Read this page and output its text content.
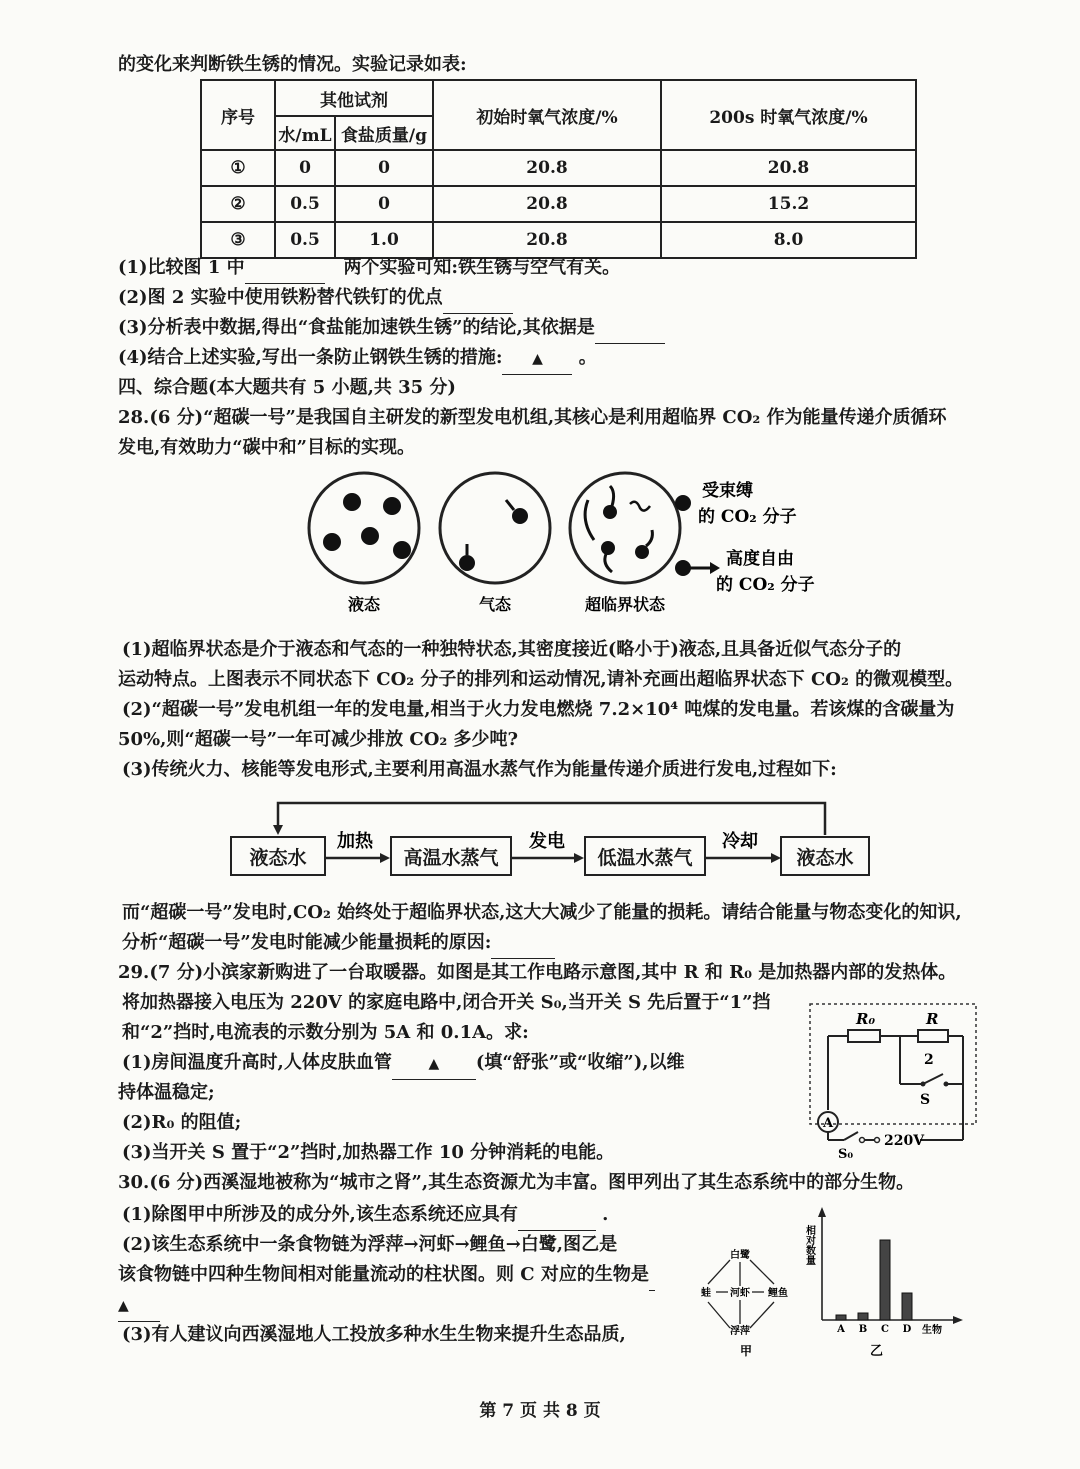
的变化来判断铁生锈的情况。实验记录如表:
序号	其他试剂		初始时氧气浓度/%	200s 时氧气浓度/%
	水/mL	食盐质量/g		
①	0	0	20.8	20.8
②	0.5	0	20.8	15.2
③	0.5	1.0	20.8	8.0
(1)比较图 1 中	两个实验可知:铁生锈与空气有关。
(2)图 2 实验中使用铁粉替代铁钉的优点
(3)分析表中数据,得出“食盐能加速铁生锈”的结论,其依据是
(4)结合上述实验,写出一条防止钢铁生锈的措施: ▲ 。
四、综合题(本大题共有 5 小题,共 35 分)
28.(6 分)“超碳一号”是我国自主研发的新型发电机组,其核心是利用超临界 CO₂ 作为能量传递介质循环
发电,有效助力“碳中和”目标的实现。
液态	气态	超临界状态
受束缚
的 CO₂ 分子
高度自由
的 CO₂ 分子
(1)超临界状态是介于液态和气态的一种独特状态,其密度接近(略小于)液态,且具备近似气态分子的
运动特点。上图表示不同状态下 CO₂ 分子的排列和运动情况,请补充画出超临界状态下 CO₂ 的微观模型。
(2)“超碳一号”发电机组一年的发电量,相当于火力发电燃烧 7.2×10⁴ 吨煤的发电量。若该煤的含碳量为
50%,则“超碳一号”一年可减少排放 CO₂ 多少吨?
(3)传统火力、核能等发电形式,主要利用高温水蒸气作为能量传递介质进行发电,过程如下:
加热	发电	冷却
液态水	高温水蒸气	低温水蒸气	液态水
而“超碳一号”发电时,CO₂ 始终处于超临界状态,这大大减少了能量的损耗。请结合能量与物态变化的知识,
分析“超碳一号”发电时能减少能量损耗的原因:
29.(7 分)小滨家新购进了一台取暖器。如图是其工作电路示意图,其中 R 和 R₀ 是加热器内部的发热体。
将加热器接入电压为 220V 的家庭电路中,闭合开关 S₀,当开关 S 先后置于“1”挡
和“2”挡时,电流表的示数分别为 5A 和 0.1A。求:
(1)房间温度升高时,人体皮肤血管	▲ (填“舒张”或“收缩”),以维
持体温稳定;
(2)R₀ 的阻值;
(3)当开关 S 置于“2”挡时,加热器工作 10 分钟消耗的电能。
R₀	R
2
S
A
220V
S₀
30.(6 分)西溪湿地被称为“城市之肾”,其生态资源尤为丰富。图甲列出了其生态系统中的部分生物。
(1)除图甲中所涉及的成分外,该生态系统还应具有	.
(2)该生态系统中一条食物链为浮萍→河虾→鲤鱼→白鹭,图乙是
该食物链中四种生物间相对能量流动的柱状图。则 C 对应的生物是
▲
(3)有人建议向西溪湿地人工投放多种水生生物来提升生态品质,
白鹭
蛙 河虾 鲤鱼
浮萍
甲
相对数量
生物
乙
A B C D
第 7 页 共 8 页
